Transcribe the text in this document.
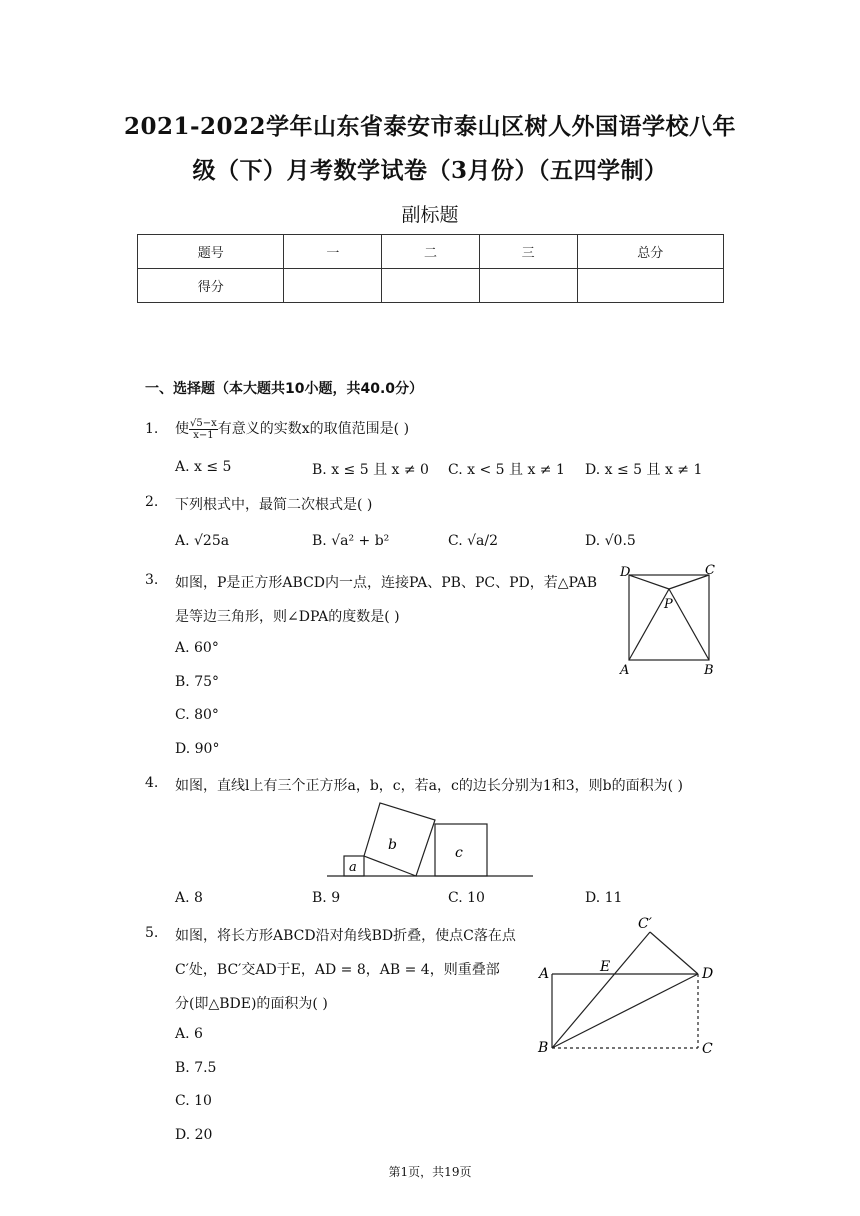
2021-2022学年山东省泰安市泰山区树人外国语学校八年
级（下）月考数学试卷（3月份）（五四学制）
副标题
题号	一	二	三	总分
得分				
一、选择题（本大题共10小题，共40.0分）
1. 使 $\frac{√5-x}{x-1}$ 有意义的实数x的取值范围是( )
A. x ≤ 5	B. x ≤ 5 且 x ≠ 0 C. x < 5 且 x ≠ 1 D. x ≤ 5 且 x ≠ 1
2. 下列根式中，最简二次根式是( )
A. √25a	B. √a² + b²	C. √a/2	D. √0.5
3. 如图，P是正方形ABCD内一点，连接PA、PB、PC、PD，若△PAB
是等边三角形，则∠DPA的度数是( )
A. 60°
B. 75°
C. 80°
D. 90°
D	C
P
A	B
4. 如图，直线l上有三个正方形a，b，c，若a，c的边长分别为1和3，则b的面积为( )
a
b	c
A. 8	B. 9	C. 10	D. 11
5. 如图，将长方形ABCD沿对角线BD折叠，使点C落在点
C′处，BC′交AD于E，AD = 8，AB = 4，则重叠部
分(即△BDE)的面积为( )
A. 6
B. 7.5
C. 10
D. 20
C′
A	E	D
B	C
第1页，共19页
